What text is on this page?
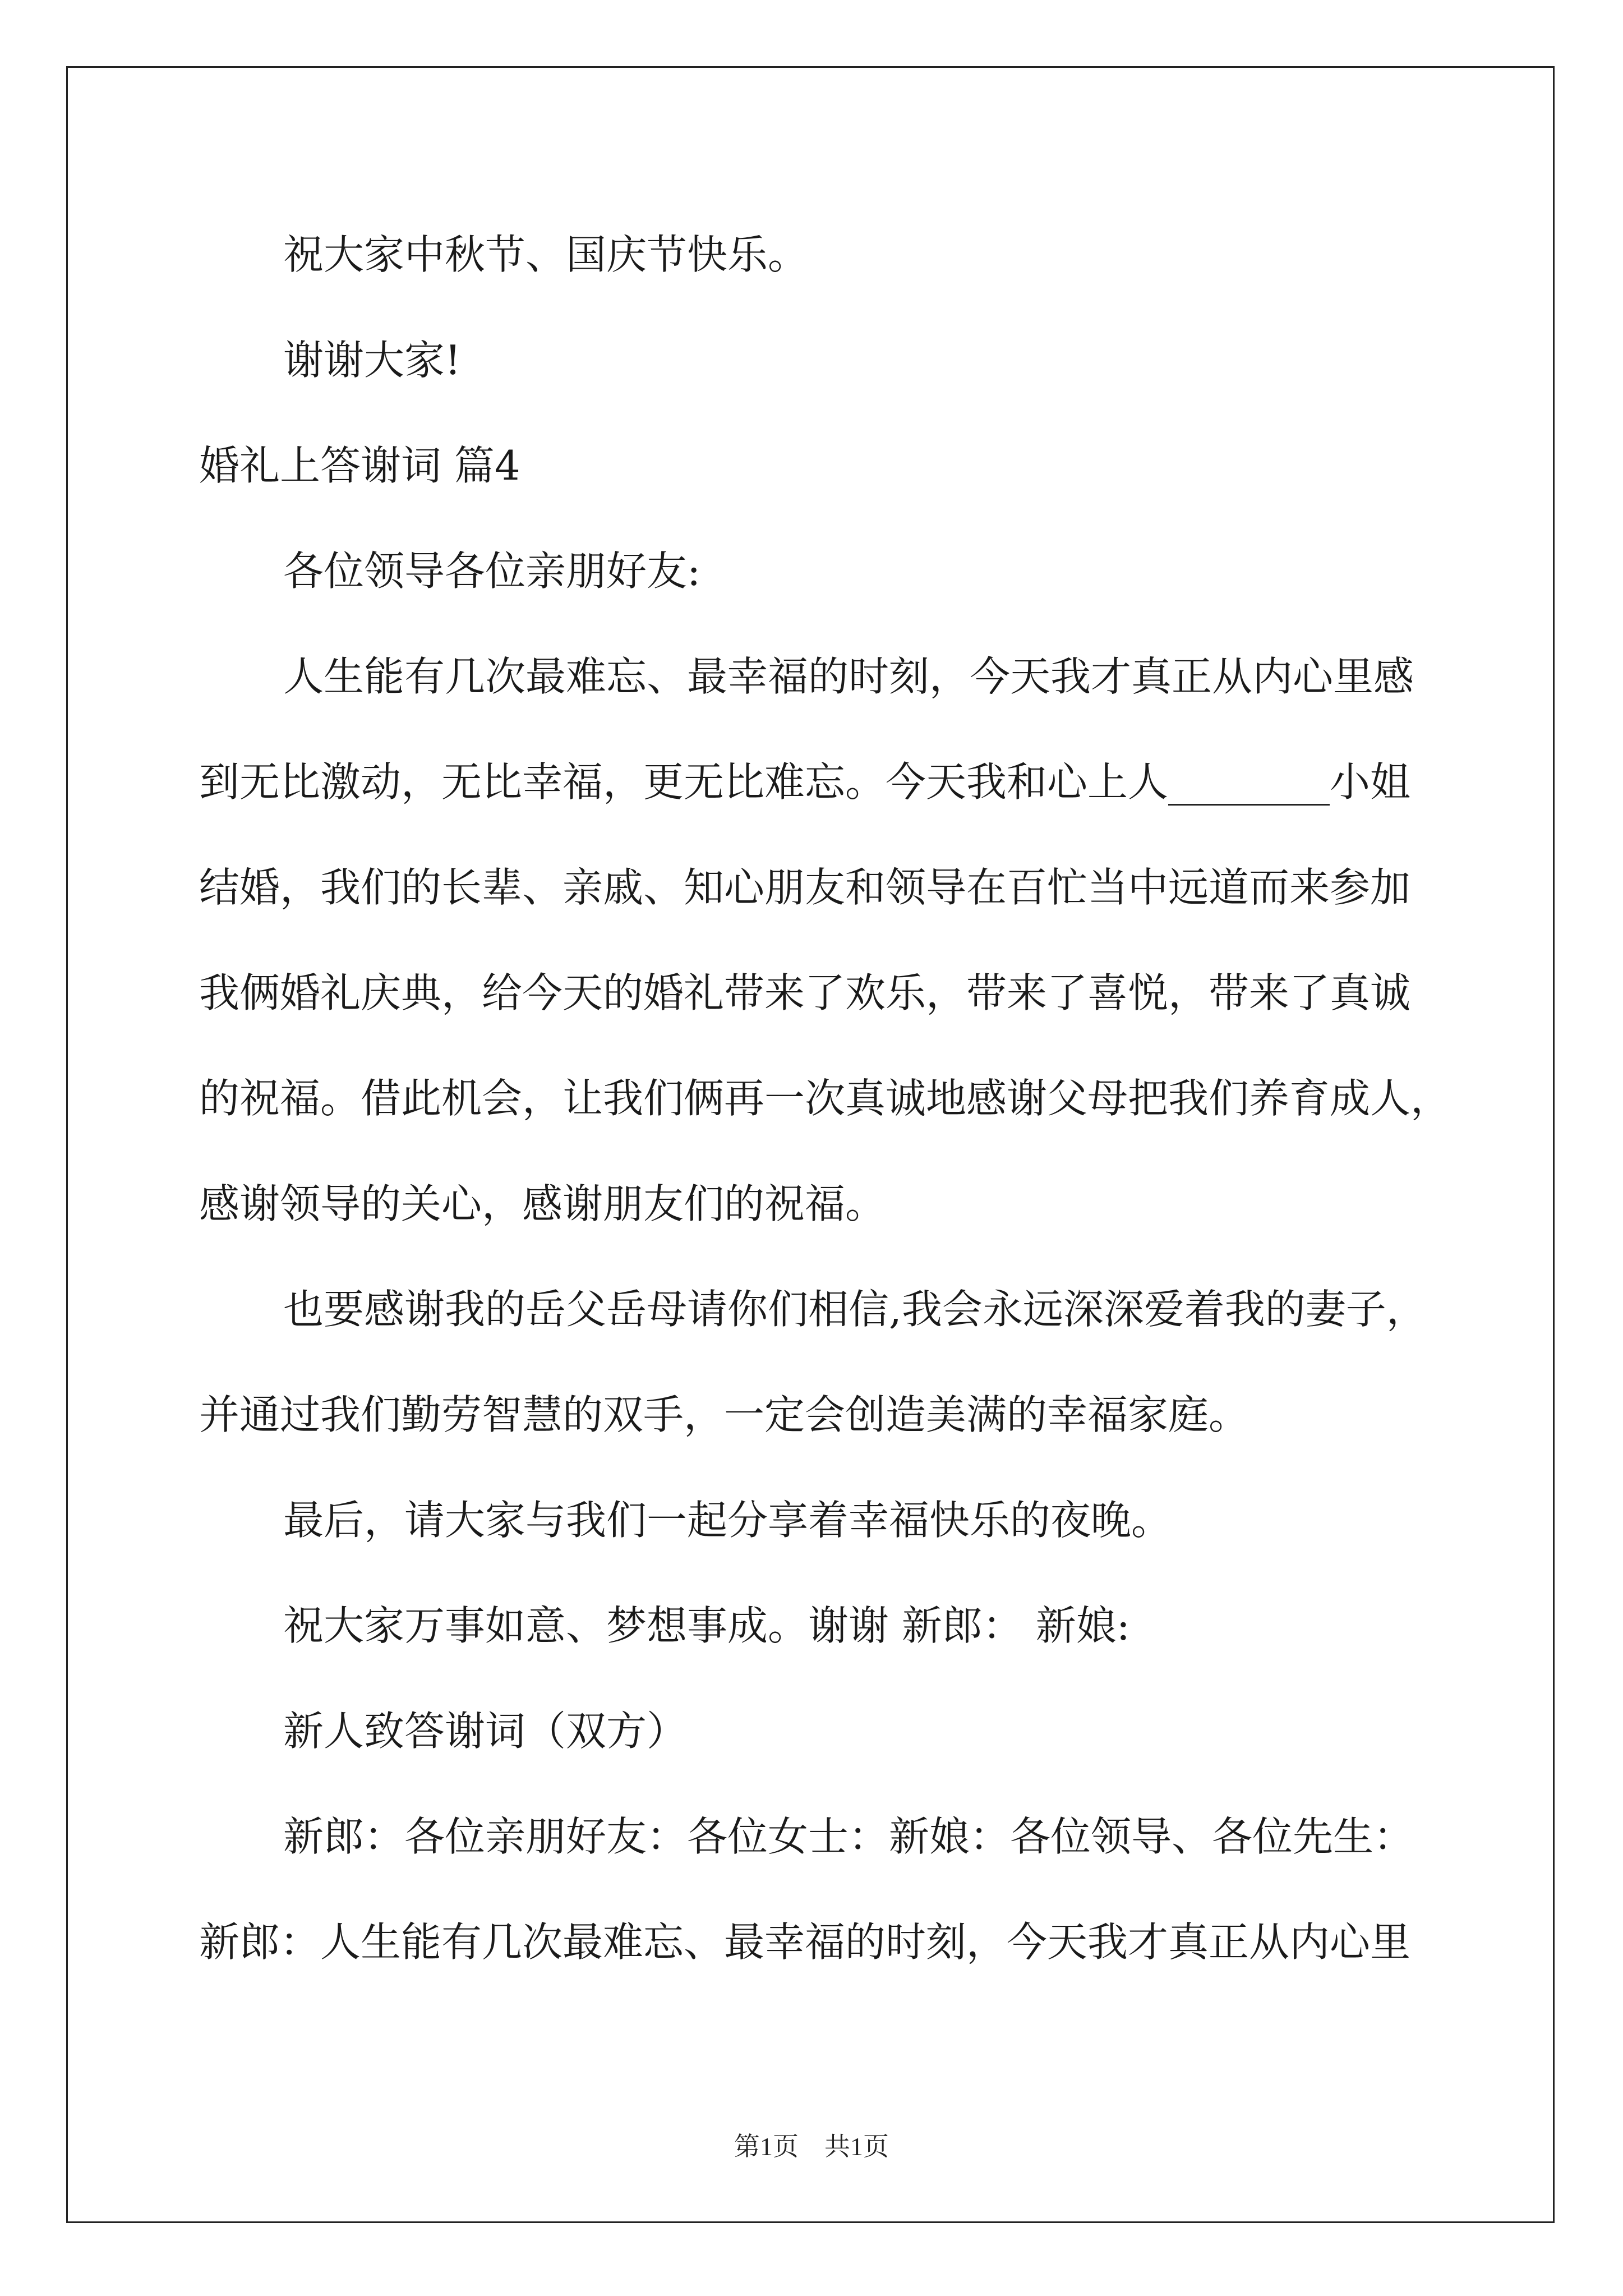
祝大家中秋节、国庆节快乐。
谢谢大家!
婚礼上答谢词 篇4
各位领导各位亲朋好友:
人生能有几次最难忘、最幸福的时刻，今天我才真正从内心里感
到无比激动，无比幸福，更无比难忘。今天我和心上人________小姐
结婚，我们的长辈、亲戚、知心朋友和领导在百忙当中远道而来参加
我俩婚礼庆典，给今天的婚礼带来了欢乐，带来了喜悦，带来了真诚
的祝福。借此机会，让我们俩再一次真诚地感谢父母把我们养育成人，
感谢领导的关心，感谢朋友们的祝福。
也要感谢我的岳父岳母请你们相信,我会永远深深爱着我的妻子，
并通过我们勤劳智慧的双手，一定会创造美满的幸福家庭。
最后，请大家与我们一起分享着幸福快乐的夜晚。
祝大家万事如意、梦想事成。谢谢 新郎： 新娘:
新人致答谢词（双方）
新郎：各位亲朋好友：各位女士：新娘：各位领导、各位先生：
新郎：人生能有几次最难忘、最幸福的时刻，今天我才真正从内心里
第1页　共1页
